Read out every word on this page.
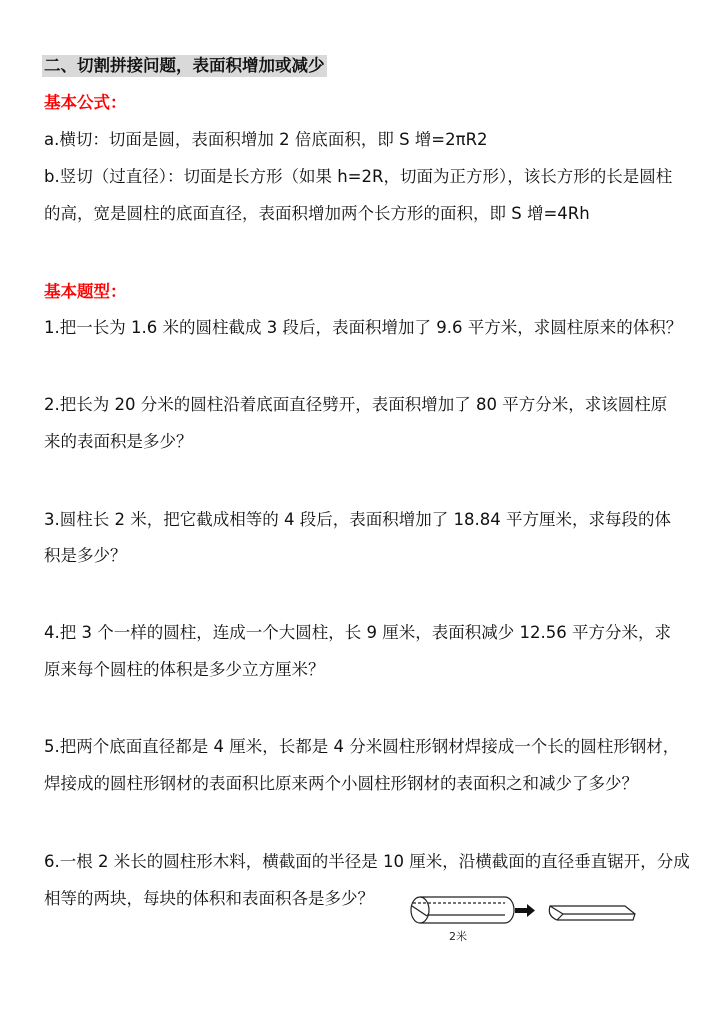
二、切割拼接问题，表面积增加或减少
基本公式：
a.横切：切面是圆，表面积增加 2 倍底面积，即 S 增=2πR2
b.竖切（过直径）：切面是长方形（如果 h=2R，切面为正方形），该长方形的长是圆柱
的高，宽是圆柱的底面直径，表面积增加两个长方形的面积，即 S 增=4Rh
基本题型：
1.把一长为 1.6 米的圆柱截成 3 段后，表面积增加了 9.6 平方米，求圆柱原来的体积？
2.把长为 20 分米的圆柱沿着底面直径劈开，表面积增加了 80 平方分米，求该圆柱原
来的表面积是多少？
3.圆柱长 2 米，把它截成相等的 4 段后，表面积增加了 18.84 平方厘米，求每段的体
积是多少？
4.把 3 个一样的圆柱，连成一个大圆柱，长 9 厘米，表面积减少 12.56 平方分米，求
原来每个圆柱的体积是多少立方厘米？
5.把两个底面直径都是 4 厘米，长都是 4 分米圆柱形钢材焊接成一个长的圆柱形钢材，
焊接成的圆柱形钢材的表面积比原来两个小圆柱形钢材的表面积之和减少了多少？
6.一根 2 米长的圆柱形木料，横截面的半径是 10 厘米，沿横截面的直径垂直锯开，分成
相等的两块，每块的体积和表面积各是多少？
2米
